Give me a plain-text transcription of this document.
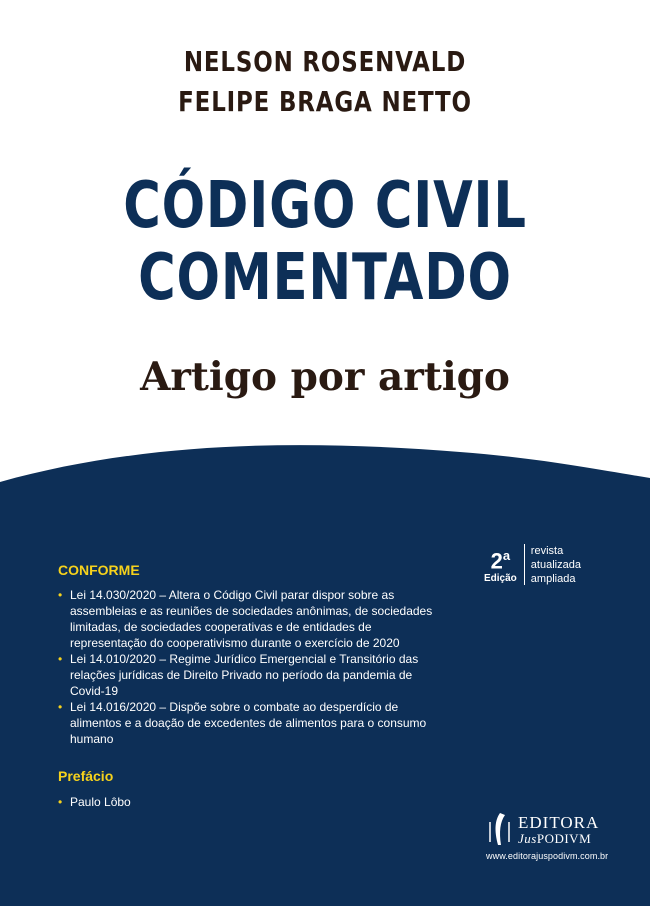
NELSON ROSENVALD
FELIPE BRAGA NETTO
CÓDIGO CIVIL
COMENTADO
Artigo por artigo
2$^a$
Edição
revista
atualizada
ampliada
CONFORME
• Lei 14.030/2020 – Altera o Código Civil parar dispor sobre as assembleias e as reuniões de sociedades anônimas, de sociedades limitadas, de sociedades cooperativas e de entidades de representação do cooperativismo durante o exercício de 2020
• Lei 14.010/2020 – Regime Jurídico Emergencial e Transitório das relações jurídicas de Direito Privado no período da pandemia de Covid-19
• Lei 14.016/2020 – Dispõe sobre o combate ao desperdício de alimentos e a doação de excedentes de alimentos para o consumo humano
Prefácio
• Paulo Lôbo
EDITORA
JusPODIVM
www.editorajuspodivm.com.br
